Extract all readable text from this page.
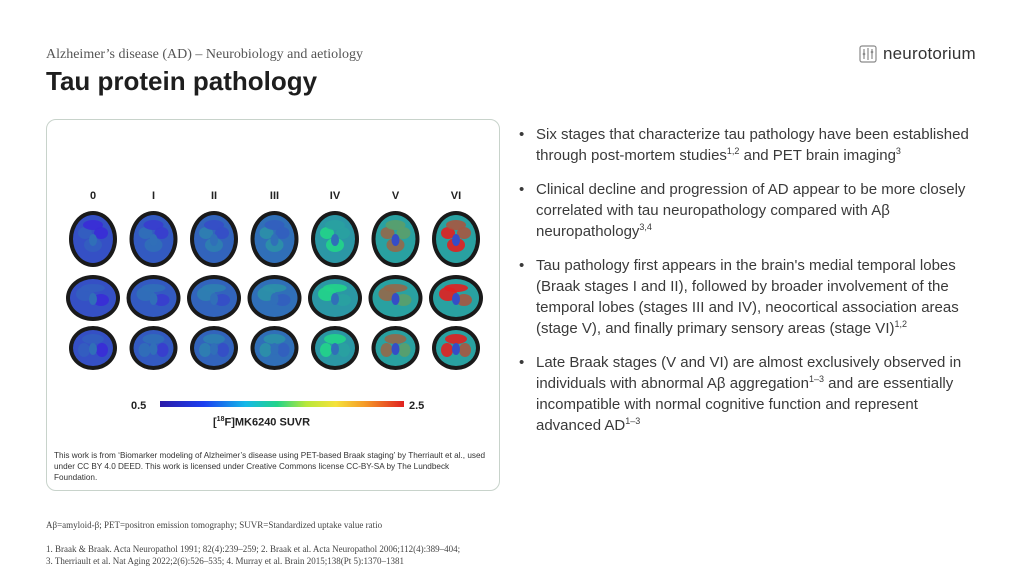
Alzheimer’s disease (AD) – Neurobiology and aetiology
Tau protein pathology
neurotorium
0	I	II	III	IV	V	VI
0.5	2.5
[$^{18}$F]MK6240 SUVR
This work is from ‘Biomarker modeling of Alzheimer’s disease using PET-based Braak staging’ by Therriault et al., used under CC BY 4.0 DEED. This work is licensed under Creative Commons license CC-BY-SA by The Lundbeck Foundation.
• Six stages that characterize tau pathology have been established through post-mortem studies$^{1,2}$ and PET brain imaging$^3$
• Clinical decline and progression of AD appear to be more closely correlated with tau neuropathology compared with Aβ neuropathology$^{3,4}$
• Tau pathology first appears in the brain's medial temporal lobes (Braak stages I and II), followed by broader involvement of the temporal lobes (stages III and IV), neocortical association areas (stage V), and finally primary sensory areas (stage VI)$^{1,2}$
• Late Braak stages (V and VI) are almost exclusively observed in individuals with abnormal Aβ aggregation$^{1-3}$ and are essentially incompatible with normal cognitive function and represent advanced AD$^{1-3}$
Aβ=amyloid-β; PET=positron emission tomography; SUVR=Standardized uptake value ratio
1. Braak & Braak. Acta Neuropathol 1991; 82(4):239–259; 2. Braak et al. Acta Neuropathol 2006;112(4):389–404;
3. Therriault et al. Nat Aging 2022;2(6):526–535; 4. Murray et al. Brain 2015;138(Pt 5):1370–1381
